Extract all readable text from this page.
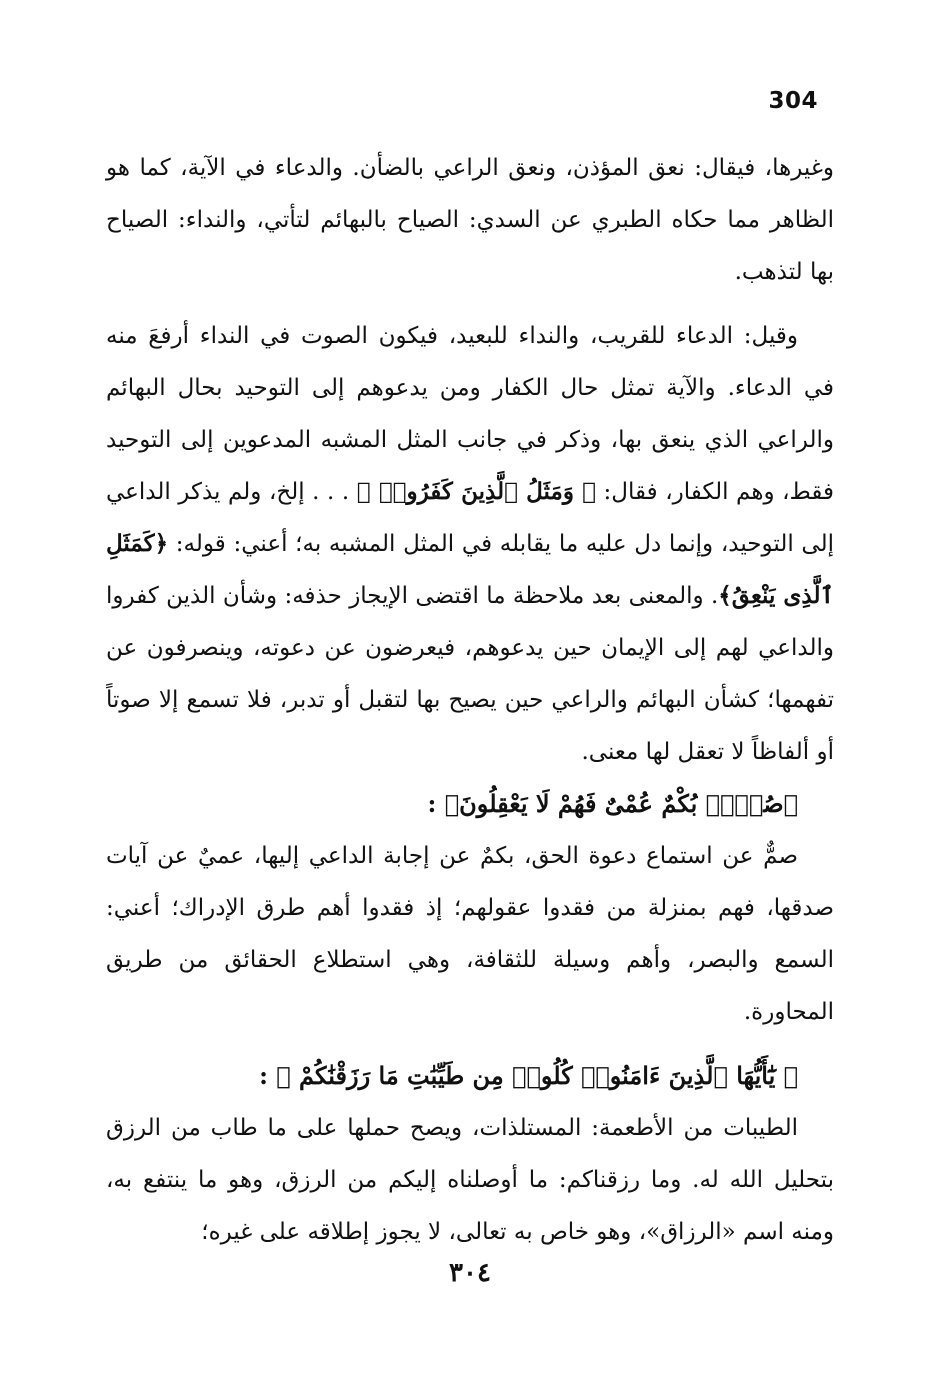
304

وغيرها، فيقال: نعق المؤذن، ونعق الراعي بالضأن. والدعاء في الآية، كما هو الظاهر مما حكاه الطبري عن السدي: الصياح بالبهائم لتأتي، والنداء: الصياح بها لتذهب.

وقيل: الدعاء للقريب، والنداء للبعيد، فيكون الصوت في النداء أرفعَ منه في الدعاء. والآية تمثل حال الكفار ومن يدعوهم إلى التوحيد بحال البهائم والراعي الذي ينعق بها، وذكر في جانب المثل المشبه المدعوين إلى التوحيد فقط، وهم الكفار، فقال: ﴿ وَمَثَلُ ٱلَّذِينَ كَفَرُوا۟ ﴾ . . . إلخ، ولم يذكر الداعي إلى التوحيد، وإنما دل عليه ما يقابله في المثل المشبه به؛ أعني: قوله: ﴿كَمَثَلِ ٱلَّذِى يَنْعِقُ﴾. والمعنى بعد ملاحظة ما اقتضى الإيجاز حذفه: وشأن الذين كفروا والداعي لهم إلى الإيمان حين يدعوهم، فيعرضون عن دعوته، وينصرفون عن تفهمها؛ كشأن البهائم والراعي حين يصيح بها لتقبل أو تدبر، فلا تسمع إلا صوتاً أو ألفاظاً لا تعقل لها معنى.

﴿صُمٌّۢ بُكْمٌ عُمْىٌ فَهُمْ لَا يَعْقِلُونَ﴾ :

صمٌّ عن استماع دعوة الحق، بكمٌ عن إجابة الداعي إليها، عميٌ عن آيات صدقها، فهم بمنزلة من فقدوا عقولهم؛ إذ فقدوا أهم طرق الإدراك؛ أعني: السمع والبصر، وأهم وسيلة للثقافة، وهي استطلاع الحقائق من طريق المحاورة.

﴿ يَٰٓأَيُّهَا ٱلَّذِينَ ءَامَنُوا۟ كُلُوا۟ مِن طَيِّبَٰتِ مَا رَزَقْنَٰكُمْ ﴾ :

الطيبات من الأطعمة: المستلذات، ويصح حملها على ما طاب من الرزق بتحليل الله له. وما رزقناكم: ما أوصلناه إليكم من الرزق، وهو ما ينتفع به، ومنه اسم «الرزاق»، وهو خاص به تعالى، لا يجوز إطلاقه على غيره؛

٣٠٤
